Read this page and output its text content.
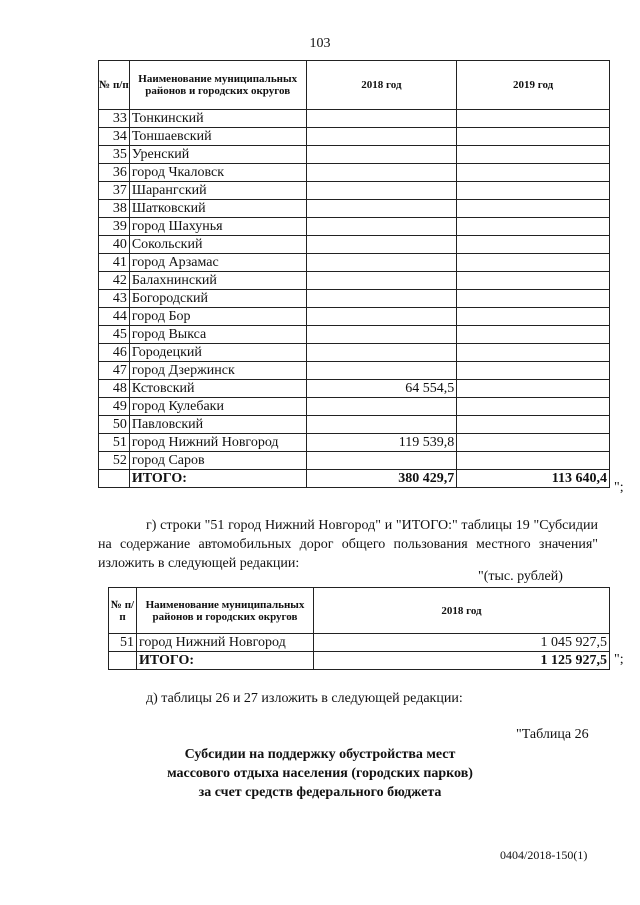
103
№ п/п	Наименование муниципальных районов и городских округов	2018 год	2019 год
33	Тонкинский		
34	Тоншаевский		
35	Уренский		
36	город Чкаловск		
37	Шарангский		
38	Шатковский		
39	город Шахунья		
40	Сокольский		
41	город Арзамас		
42	Балахнинский		
43	Богородский		
44	город Бор		
45	город Выкса		
46	Городецкий		
47	город Дзержинск		
48	Кстовский	64 554,5	
49	город Кулебаки		
50	Павловский		
51	город Нижний Новгород	119 539,8	
52	город Саров		
	ИТОГО:	380 429,7	113 640,4
г) строки "51 город Нижний Новгород" и "ИТОГО:" таблицы 19 "Субсидии на содержание автомобильных дорог общего пользования местного значения" изложить в следующей редакции:
"(тыс. рублей)
№ п/п	Наименование муниципальных районов и городских округов	2018 год
51	город Нижний Новгород	1 045 927,5
	ИТОГО:	1 125 927,5 ";
д) таблицы 26 и 27 изложить в следующей редакции:
"Таблица 26
Субсидии на поддержку обустройства мест
массового отдыха населения (городских парков)
за счет средств федерального бюджета
0404/2018-150(1)
";
